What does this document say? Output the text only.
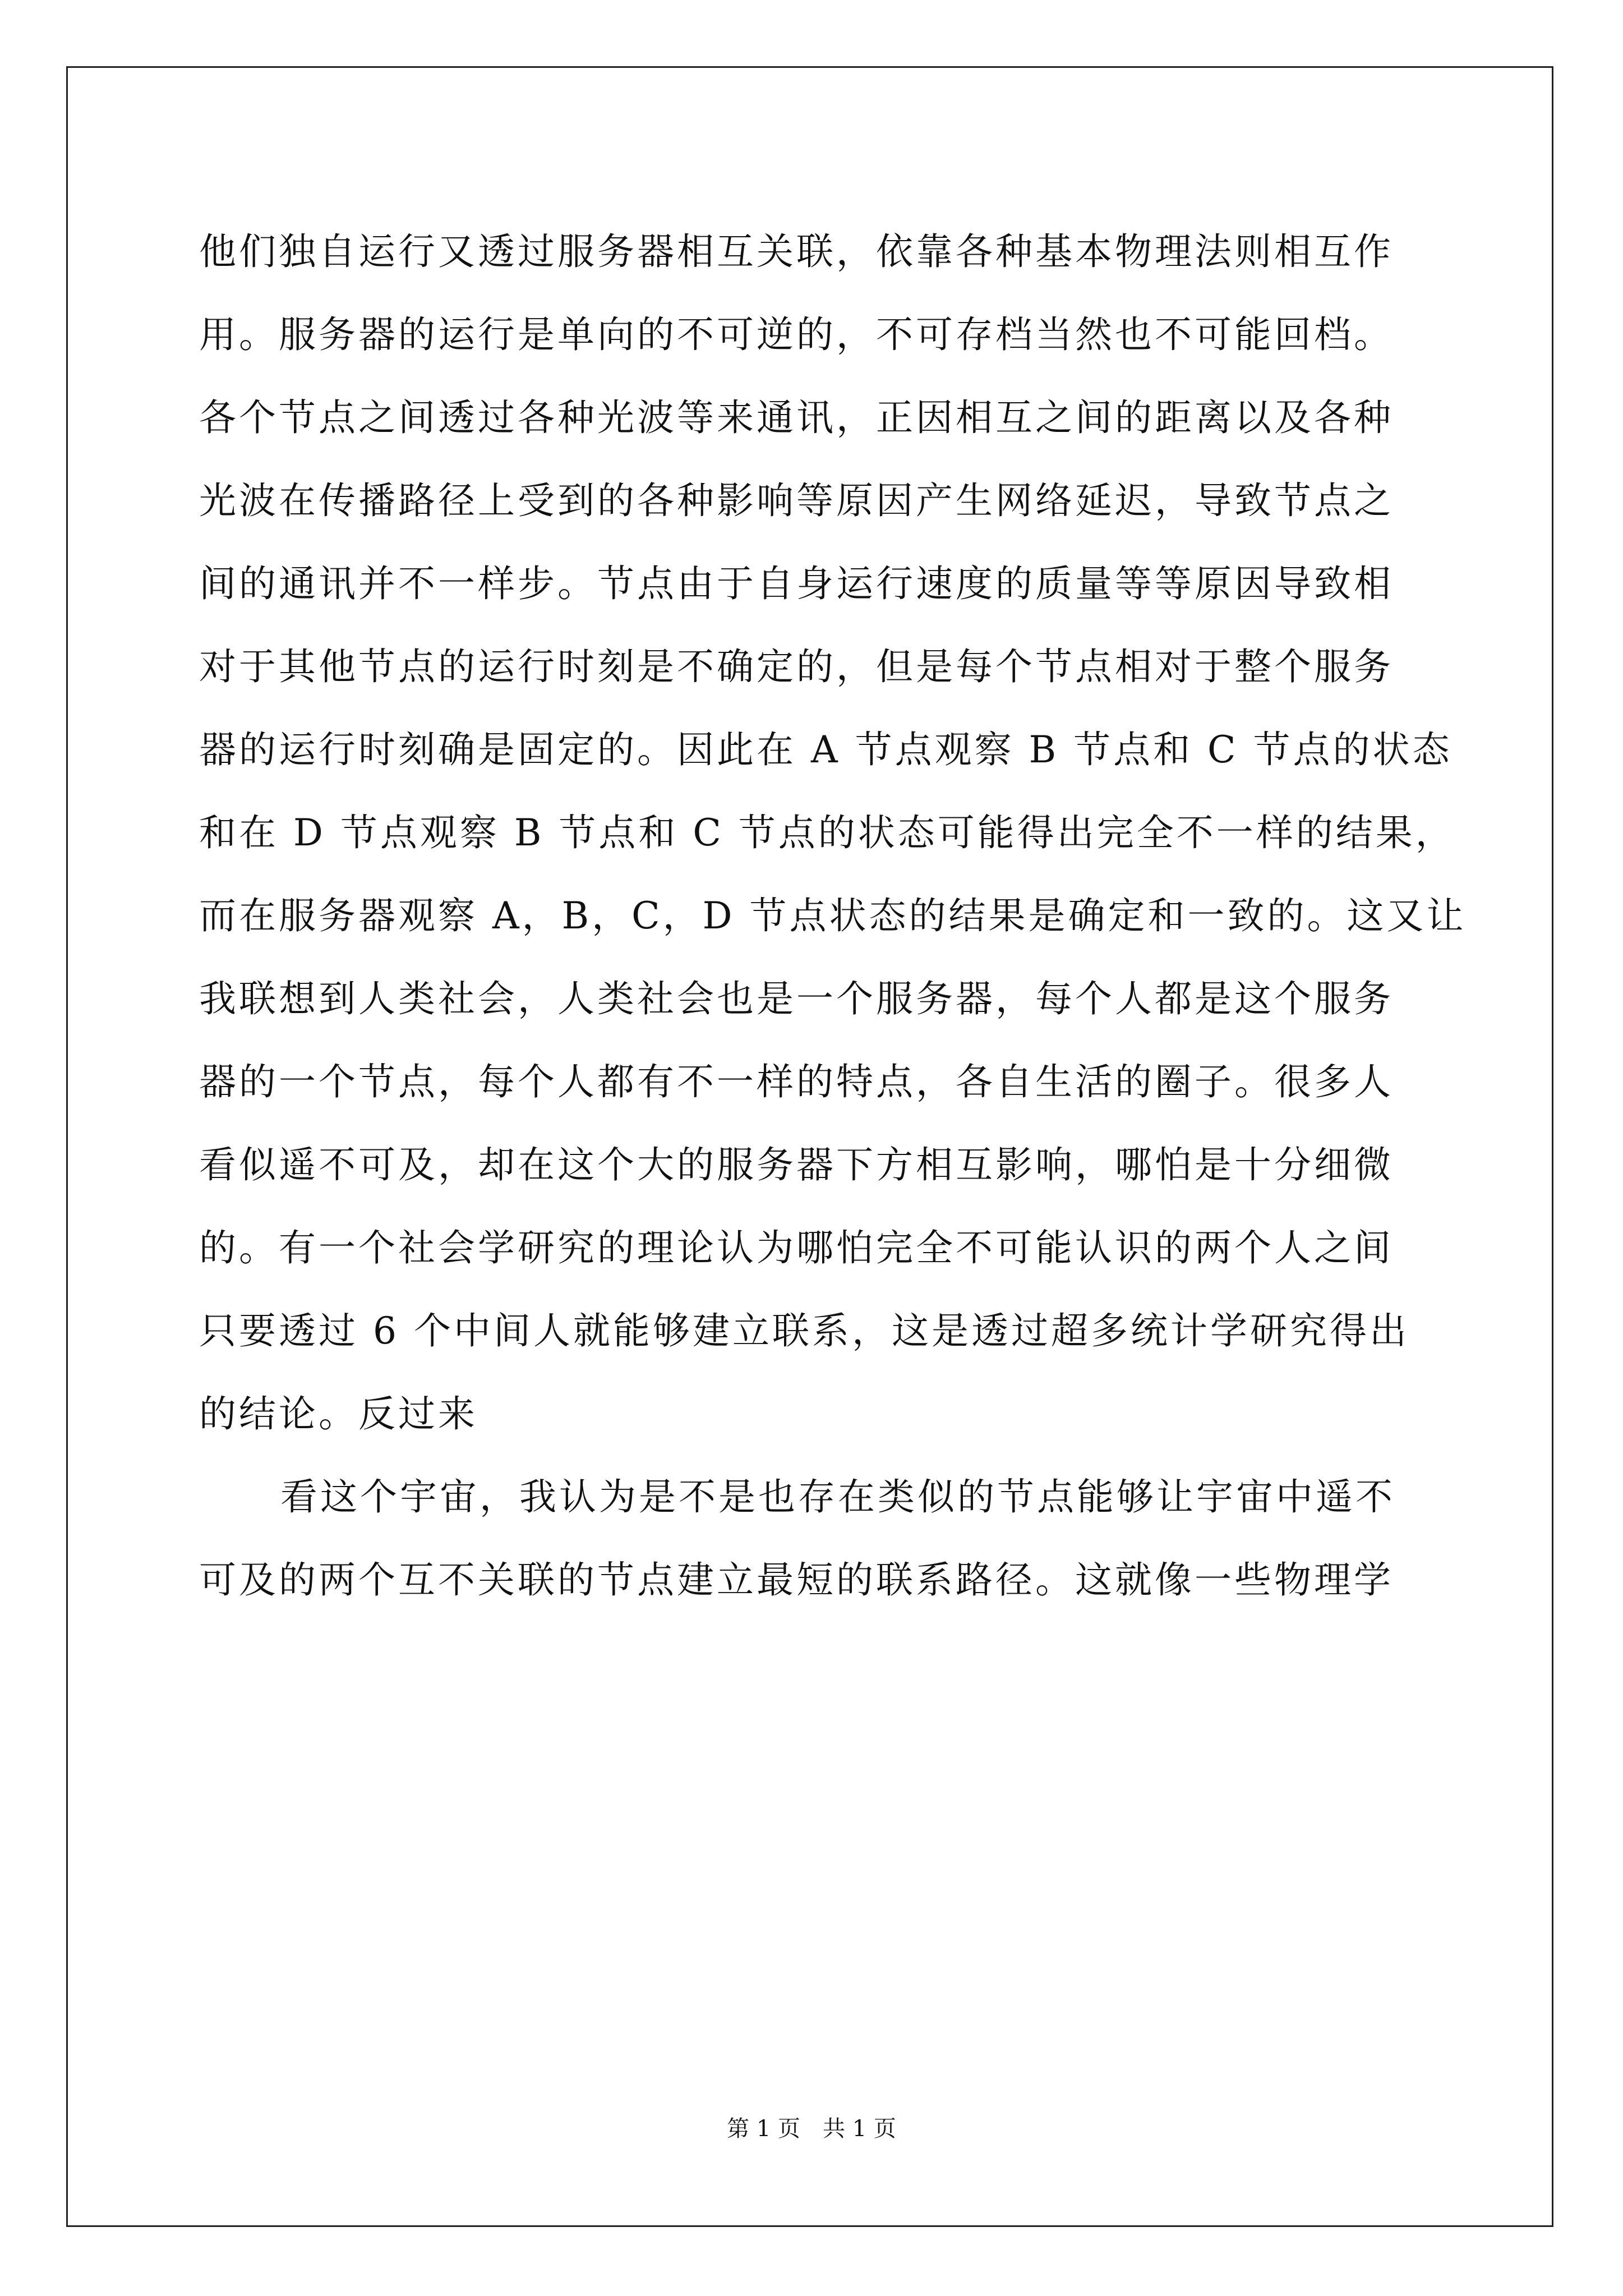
他们独自运行又透过服务器相互关联，依靠各种基本物理法则相互作
用。服务器的运行是单向的不可逆的，不可存档当然也不可能回档。
各个节点之间透过各种光波等来通讯，正因相互之间的距离以及各种
光波在传播路径上受到的各种影响等原因产生网络延迟，导致节点之
间的通讯并不一样步。节点由于自身运行速度的质量等等原因导致相
对于其他节点的运行时刻是不确定的，但是每个节点相对于整个服务
器的运行时刻确是固定的。因此在 A 节点观察 B 节点和 C 节点的状态
和在 D 节点观察 B 节点和 C 节点的状态可能得出完全不一样的结果，
而在服务器观察 A，B，C，D 节点状态的结果是确定和一致的。这又让
我联想到人类社会，人类社会也是一个服务器，每个人都是这个服务
器的一个节点，每个人都有不一样的特点，各自生活的圈子。很多人
看似遥不可及，却在这个大的服务器下方相互影响，哪怕是十分细微
的。有一个社会学研究的理论认为哪怕完全不可能认识的两个人之间
只要透过 6 个中间人就能够建立联系，这是透过超多统计学研究得出
的结论。反过来
看这个宇宙，我认为是不是也存在类似的节点能够让宇宙中遥不
可及的两个互不关联的节点建立最短的联系路径。这就像一些物理学
第 1 页　共 1 页
